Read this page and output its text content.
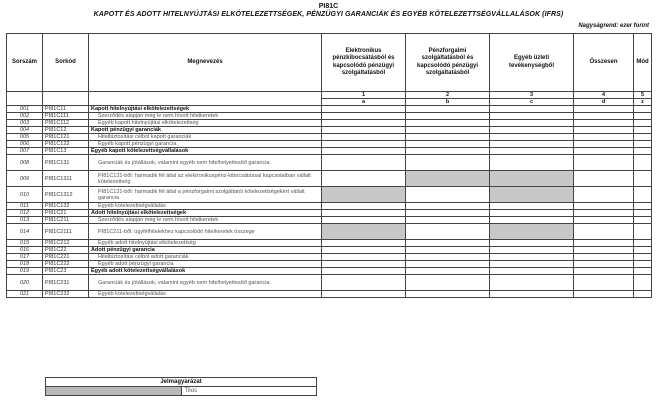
PI81C
KAPOTT ÉS ADOTT HITELNYÚJTÁSI ELKÖTELEZETTSÉGEK, PÉNZÜGYI GARANCIÁK ÉS EGYÉB KÖTELEZETTSÉGVÁLLALÁSOK (IFRS)
Nagyságrend: ezer forint
Sorszám	Sorkód	Megnevezés	Elektronikus pénzkibocsátásból és kapcsolódó pénzügyi szolgáltatásból	Pénzforgalmi szolgáltatásból és kapcsolódó pénzügyi szolgáltatásból	Egyéb üzleti tevékenységből	Összesen	Mód
			1	2	3	4	5
			a	b	c	d	z
001	PI81C11	Kapott hitelnyújtási elkötelezettségek					
002	PI81C111	Szerződés alapján még le nem hívott hitelkeretek					
003	PI81C112	Egyéb kapott hitelnyújtási elkötelezettség					
004	PI81C12	Kapott pénzügyi garanciák					
005	PI81C121	Hitelbiztosítási célból kapott garanciák					
006	PI81C122	Egyéb kapott pénzügyi garancia					
007	PI81C13	Egyéb kapott kötelezettségvállalások					
008	PI81C131	Garanciák és jótállások, valamint egyéb nem hitelhelyettesítő garancia					
009	PI81C1311	PI81C131-ből: harmadik fél által az elektronikuspénz-kibocsátással kapcsolatban vállalt kötelezettség					
010	PI81C1312	PI81C131-ből: harmadik fél által a pénzforgalmi szolgáltatói kötelezettségekért vállalt garancia					
011	PI81C132	Egyéb kötelezettségvállalás					
012	PI81C21	Adott hitelnyújtási elkötelezettségek					
013	PI81C211	Szerződés alapján még le nem hívott hitelkeretek					
014	PI81C2111	PI81C211-ből: ügyfélhitelekhez kapcsolódó hitelkeretek összege					
015	PI81C212	Egyéb adott hitelnyújtási elkötelezettség					
016	PI81C22	Adott pénzügyi garancia					
017	PI81C221	Hitelbiztosítási célból adott garanciák					
018	PI81C222	Egyéb adott pénzügyi garancia					
019	PI81C23	Egyéb adott kötelezettségvállalások					
020	PI81C231	Garanciák és jótállások, valamint egyéb nem hitelhelyettesítő garancia					
021	PI81C232	Egyéb kötelezettségvállalás					
Jelmagyarázat
	Tilos
